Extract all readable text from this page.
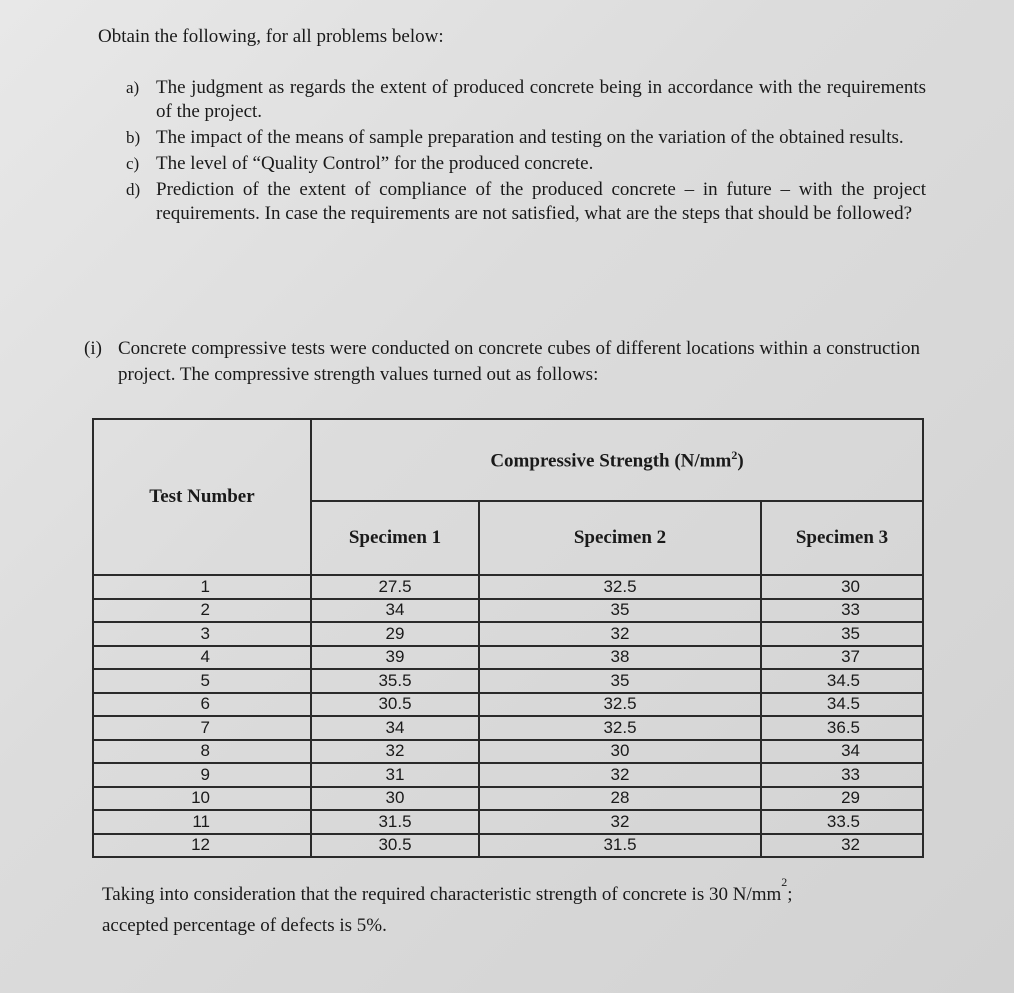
Obtain the following, for all problems below:
a) The judgment as regards the extent of produced concrete being in accordance with the requirements of the project.
b) The impact of the means of sample preparation and testing on the variation of the obtained results.
c) The level of “Quality Control” for the produced concrete.
d) Prediction of the extent of compliance of the produced concrete – in future – with the project requirements. In case the requirements are not satisfied, what are the steps that should be followed?
(i) Concrete compressive tests were conducted on concrete cubes of different locations within a construction project. The compressive strength values turned out as follows:
Test Number	Compressive Strength $(N/mm^2)$		
	Specimen 1	Specimen 2	Specimen 3
1	27.5	32.5	30
2	34	35	33
3	29	32	35
4	39	38	37
5	35.5	35	34.5
6	30.5	32.5	34.5
7	34	32.5	36.5
8	32	30	34
9	31	32	33
10	30	28	29
11	31.5	32	33.5
12	30.5	31.5	32
Taking into consideration that the required characteristic strength of concrete is 30 $N/mm^2$;
accepted percentage of defects is 5%.
